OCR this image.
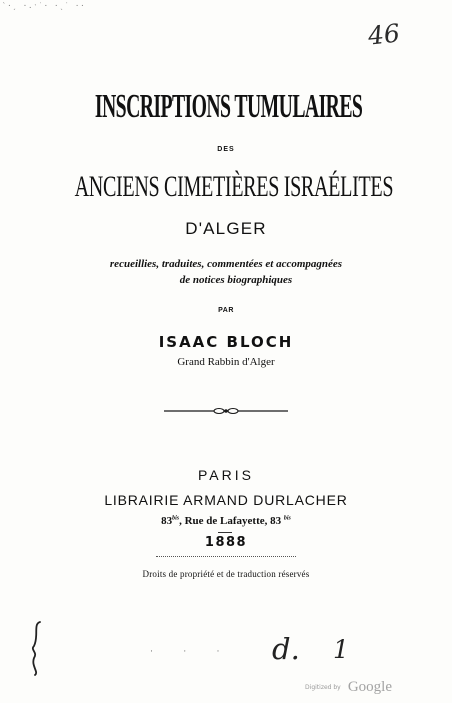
`·ˏ ·.ˑ˙· ·ˎ˙ ··
46
INSCRIPTIONS TUMULAIRES
DES
ANCIENS CIMETIÈRES ISRAÉLITES
D'ALGER
recueillies, traduites, commentées et accompagnées
de notices biographiques
PAR
ISAAC BLOCH
Grand Rabbin d'Alger
PARIS
LIBRAIRIE ARMAND DURLACHER
$83^{bis}$, Rue de Lafayette, 83 $^{bis}$
1888
Droits de propriété et de traduction réservés
· · · d. 1
Digitized by Google
